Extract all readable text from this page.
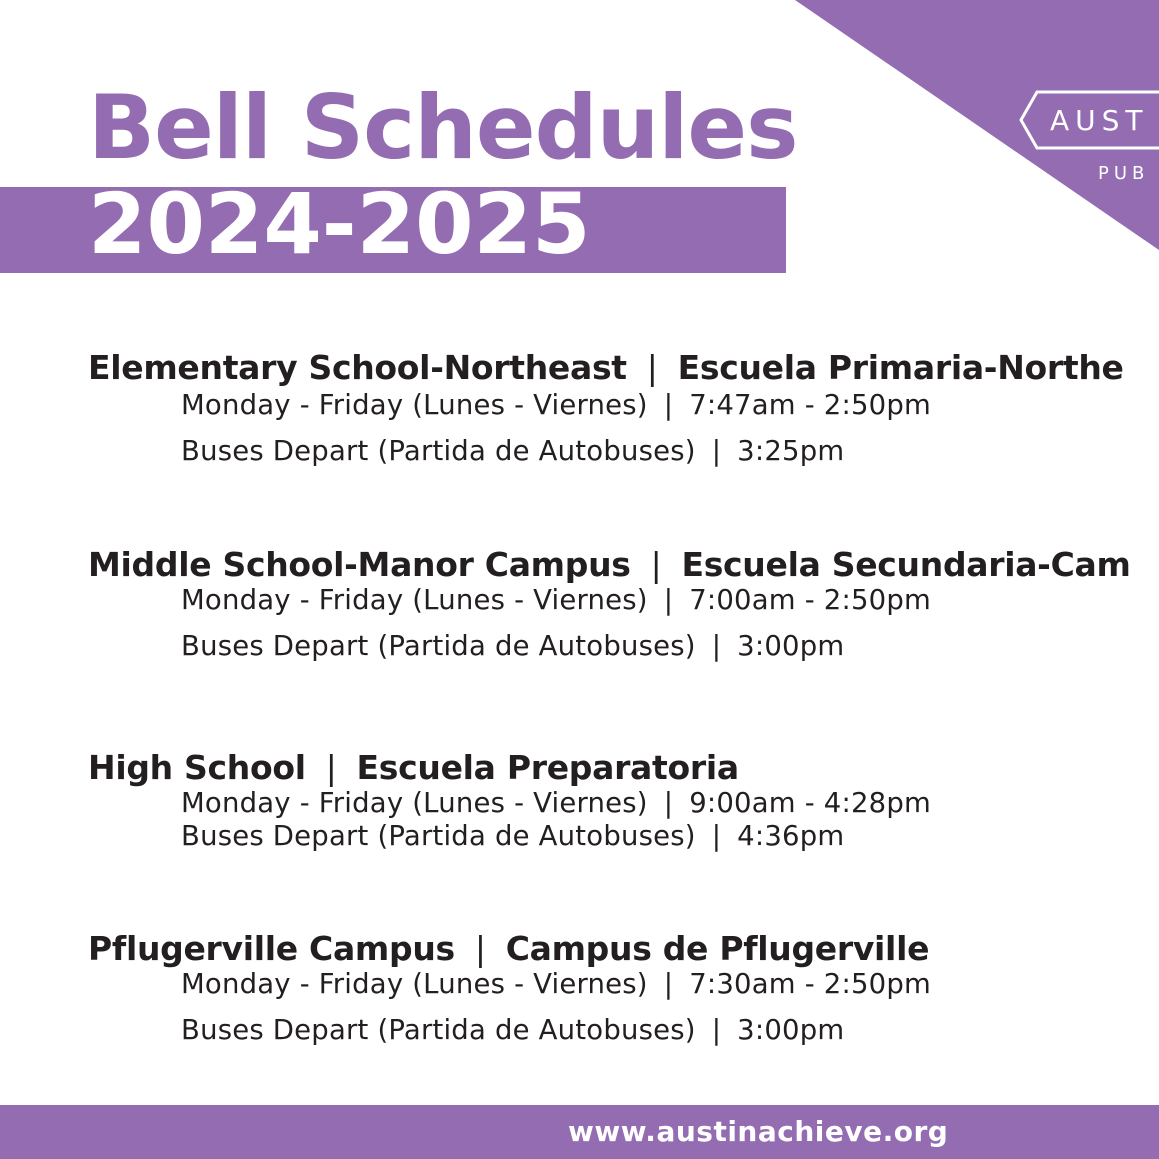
AUST
PUB
Bell Schedules
2024-2025
Elementary School-Northeast | Escuela Primaria-Northe
Monday - Friday (Lunes - Viernes) | 7:47am - 2:50pm
Buses Depart (Partida de Autobuses) | 3:25pm
Middle School-Manor Campus | Escuela Secundaria-Cam
Monday - Friday (Lunes - Viernes) | 7:00am - 2:50pm
Buses Depart (Partida de Autobuses) | 3:00pm
High School | Escuela Preparatoria
Monday - Friday (Lunes - Viernes) | 9:00am - 4:28pm
Buses Depart (Partida de Autobuses) | 4:36pm
Pflugerville Campus | Campus de Pflugerville
Monday - Friday (Lunes - Viernes) | 7:30am - 2:50pm
Buses Depart (Partida de Autobuses) | 3:00pm
www.austinachieve.org
